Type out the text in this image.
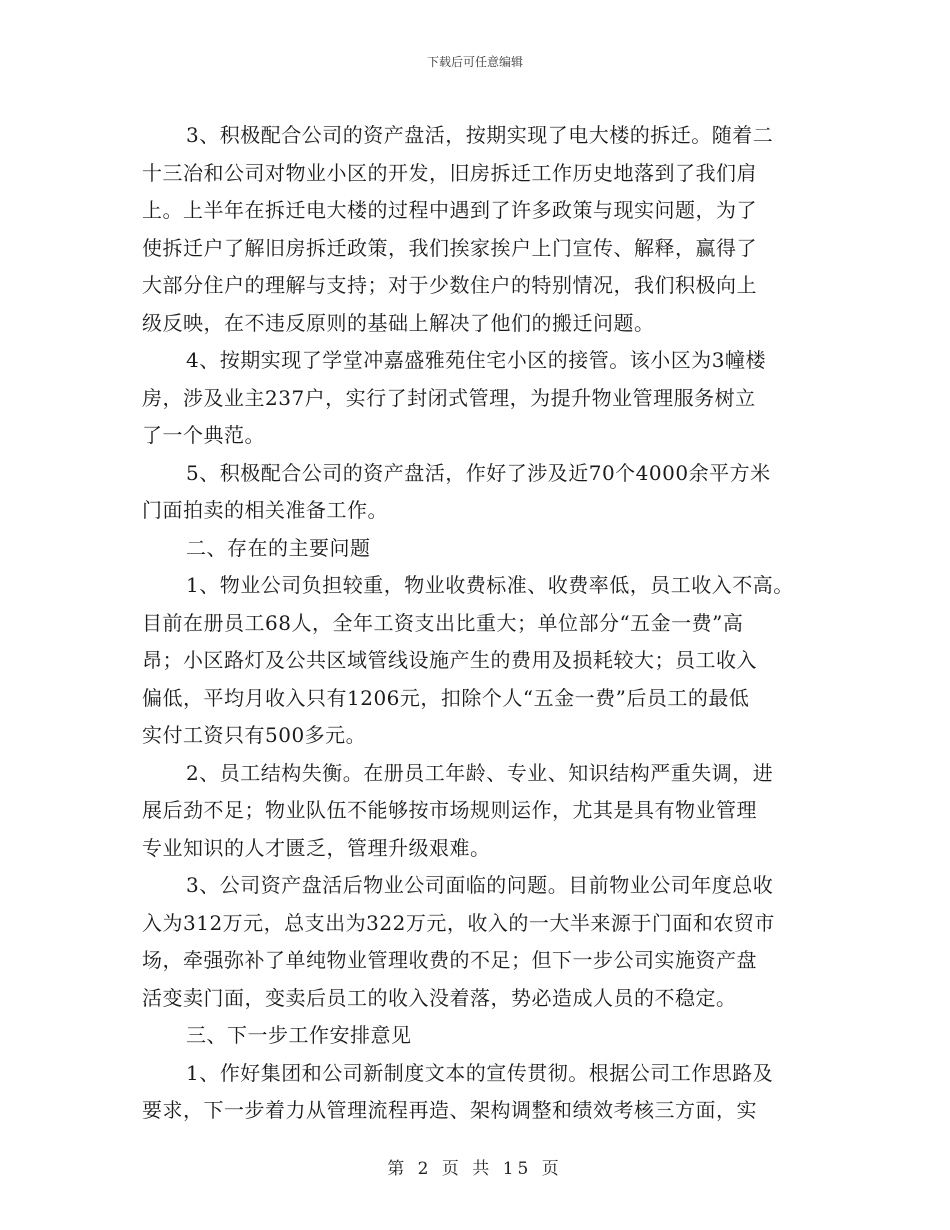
下载后可任意编辑
3、积极配合公司的资产盘活，按期实现了电大楼的拆迁。随着二
十三冶和公司对物业小区的开发，旧房拆迁工作历史地落到了我们肩
上。上半年在拆迁电大楼的过程中遇到了许多政策与现实问题，为了
使拆迁户了解旧房拆迁政策，我们挨家挨户上门宣传、解释，赢得了
大部分住户的理解与支持；对于少数住户的特别情况，我们积极向上
级反映，在不违反原则的基础上解决了他们的搬迁问题。
4、按期实现了学堂冲嘉盛雅苑住宅小区的接管。该小区为3幢楼
房，涉及业主237户，实行了封闭式管理，为提升物业管理服务树立
了一个典范。
5、积极配合公司的资产盘活，作好了涉及近70个4000余平方米
门面拍卖的相关准备工作。
二、存在的主要问题
1、物业公司负担较重，物业收费标准、收费率低，员工收入不高。
目前在册员工68人，全年工资支出比重大；单位部分“五金一费”高
昂；小区路灯及公共区域管线设施产生的费用及损耗较大；员工收入
偏低，平均月收入只有1206元，扣除个人“五金一费”后员工的最低
实付工资只有500多元。
2、员工结构失衡。在册员工年龄、专业、知识结构严重失调，进
展后劲不足；物业队伍不能够按市场规则运作，尤其是具有物业管理
专业知识的人才匮乏，管理升级艰难。
3、公司资产盘活后物业公司面临的问题。目前物业公司年度总收
入为312万元，总支出为322万元，收入的一大半来源于门面和农贸市
场，牵强弥补了单纯物业管理收费的不足；但下一步公司实施资产盘
活变卖门面，变卖后员工的收入没着落，势必造成人员的不稳定。
三、下一步工作安排意见
1、作好集团和公司新制度文本的宣传贯彻。根据公司工作思路及
要求，下一步着力从管理流程再造、架构调整和绩效考核三方面，实
第 2 页 共 15 页
